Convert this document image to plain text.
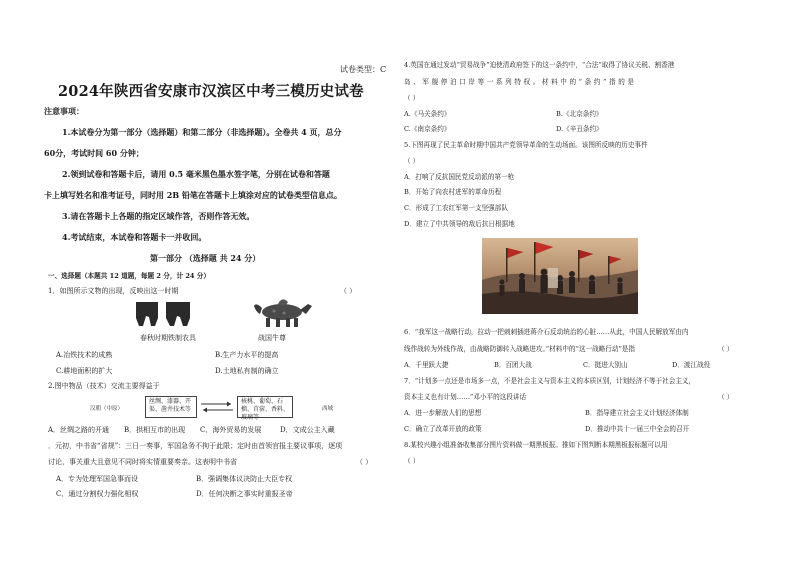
试卷类型：C
2024年陕西省安康市汉滨区中考三模历史试卷
注意事项：
1.本试卷分为第一部分（选择题）和第二部分（非选择题）。全卷共 4 页，总分
60分，考试时间 60 分钟；
2.领到试卷和答题卡后，请用 0.5 毫米黑色墨水签字笔，分别在试卷和答题
卡上填写姓名和准考证号，同时用 2B 铅笔在答题卡上填涂对应的试卷类型信息点。
3.请在答题卡上各题的指定区域作答，否则作答无效。
4.考试结束，本试卷和答题卡一并收回。
第一部分 （选择题 共 24 分）
一、选择题（本题共 12 道题，每题 2 分，计 24 分）
1．如图所示文物的出现，反映出这一时期	（ ）
春秋时期铁制农具	战国牛尊
A.冶铁技术的成熟	B.生产力水平的提高
C.耕地面积的扩大	D.土地私有制的确立
2.图中物品（技术）交流主要得益于
汉朝（中原）
丝绸、漆器、开渠、凿井技术等
核桃、葡萄、石榴、苜蓿、香料、玻璃等
西域
A．丝绸之路的开通 B．拱相互市的出现 C．海外贸易的发展	D．文成公主入藏
．元初，中书省“省规”：三日一奏事，军国急务不拘于此限；定时由首领官报主要议事项，逐项
讨论，事关重大且意见不同时将实情重要奏亲。这表明中书省	（ ）
A．专为处理军国急事而设	B．强调集体议决防止大臣专权
C．通过分割权力强化相权	D．任何决断之事实时重报圣帝
4.英国在通过发动“贸易战争”迫使清政府签下的这一条约中，“合法”取得了协议关税、割香港
岛、军舰停泊口岸等一系列特权。材料中的“条约”指的是
（ ）
A.《马关条约》	B.《北京条约》
C.《南京条约》	D.《辛丑条约》
5.下图再现了民主革命时期中国共产党领导革命的生动场面。该图所反映的历史事件
（ ）
A．打响了反抗国民党反动派的第一枪
B．开始了向农村进军的革命历程
C．形成了工农红军第一支坚强部队
D．建立了中共领导的敌后抗日根据地
6．“我军这一战略行动，拉动一把刺刺插进蒋介石反动统治的心脏……从此，中国人民解放军由内
线作战转为外线作战，由战略防御转入战略进攻。”材料中的“这一战略行动”是指	（ ）
A．千里跃大捷	B．百团大战	C．挺进大别山	D．渡江战役
7．“计划多一点还是市场多一点，不是社会主义与资本主义的本质区别，计划经济不等于社会主义，
资本主义也有计划……”邓小平的这段讲话	（ ）
A．进一步解放人们的思想	B．指导建立社会主义计划经济体制
C．确立了改革开放的政策	D．推动中共十一届三中全会的召开
8.某校兴趣小组准备收集部分图片资料做一期黑板报。推如下图判断本期黑板报标题可以用
（ ）
